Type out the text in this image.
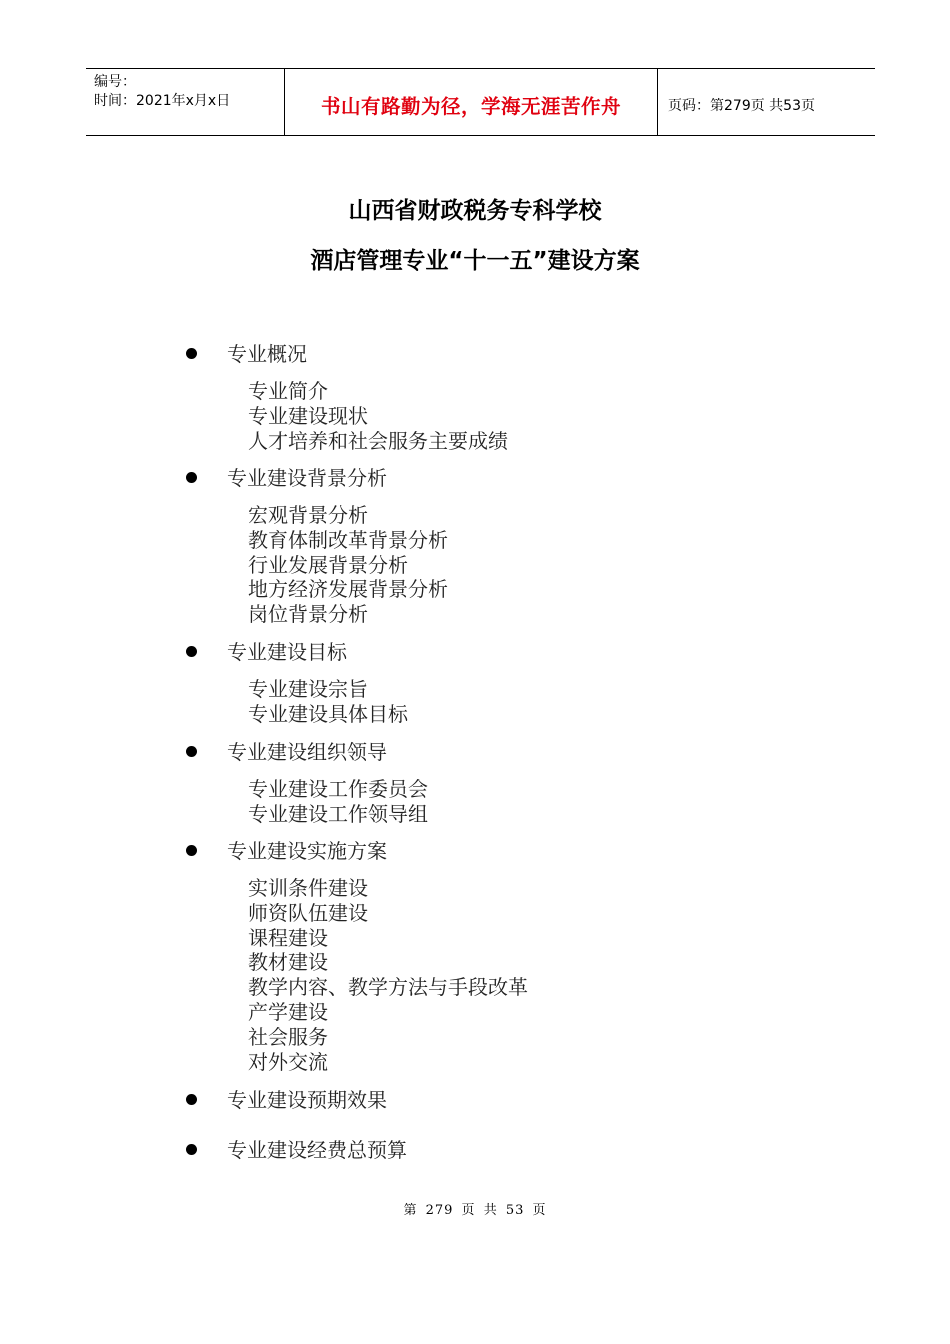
编号：
时间：2021年x月x日	书山有路勤为径，学海无涯苦作舟	页码：第279页 共53页
山西省财政税务专科学校
酒店管理专业“十一五”建设方案
专业概况
专业简介
专业建设现状
人才培养和社会服务主要成绩
专业建设背景分析
宏观背景分析
教育体制改革背景分析
行业发展背景分析
地方经济发展背景分析
岗位背景分析
专业建设目标
专业建设宗旨
专业建设具体目标
专业建设组织领导
专业建设工作委员会
专业建设工作领导组
专业建设实施方案
实训条件建设
师资队伍建设
课程建设
教材建设
教学内容、教学方法与手段改革
产学建设
社会服务
对外交流
专业建设预期效果
专业建设经费总预算
第 279 页 共 53 页
